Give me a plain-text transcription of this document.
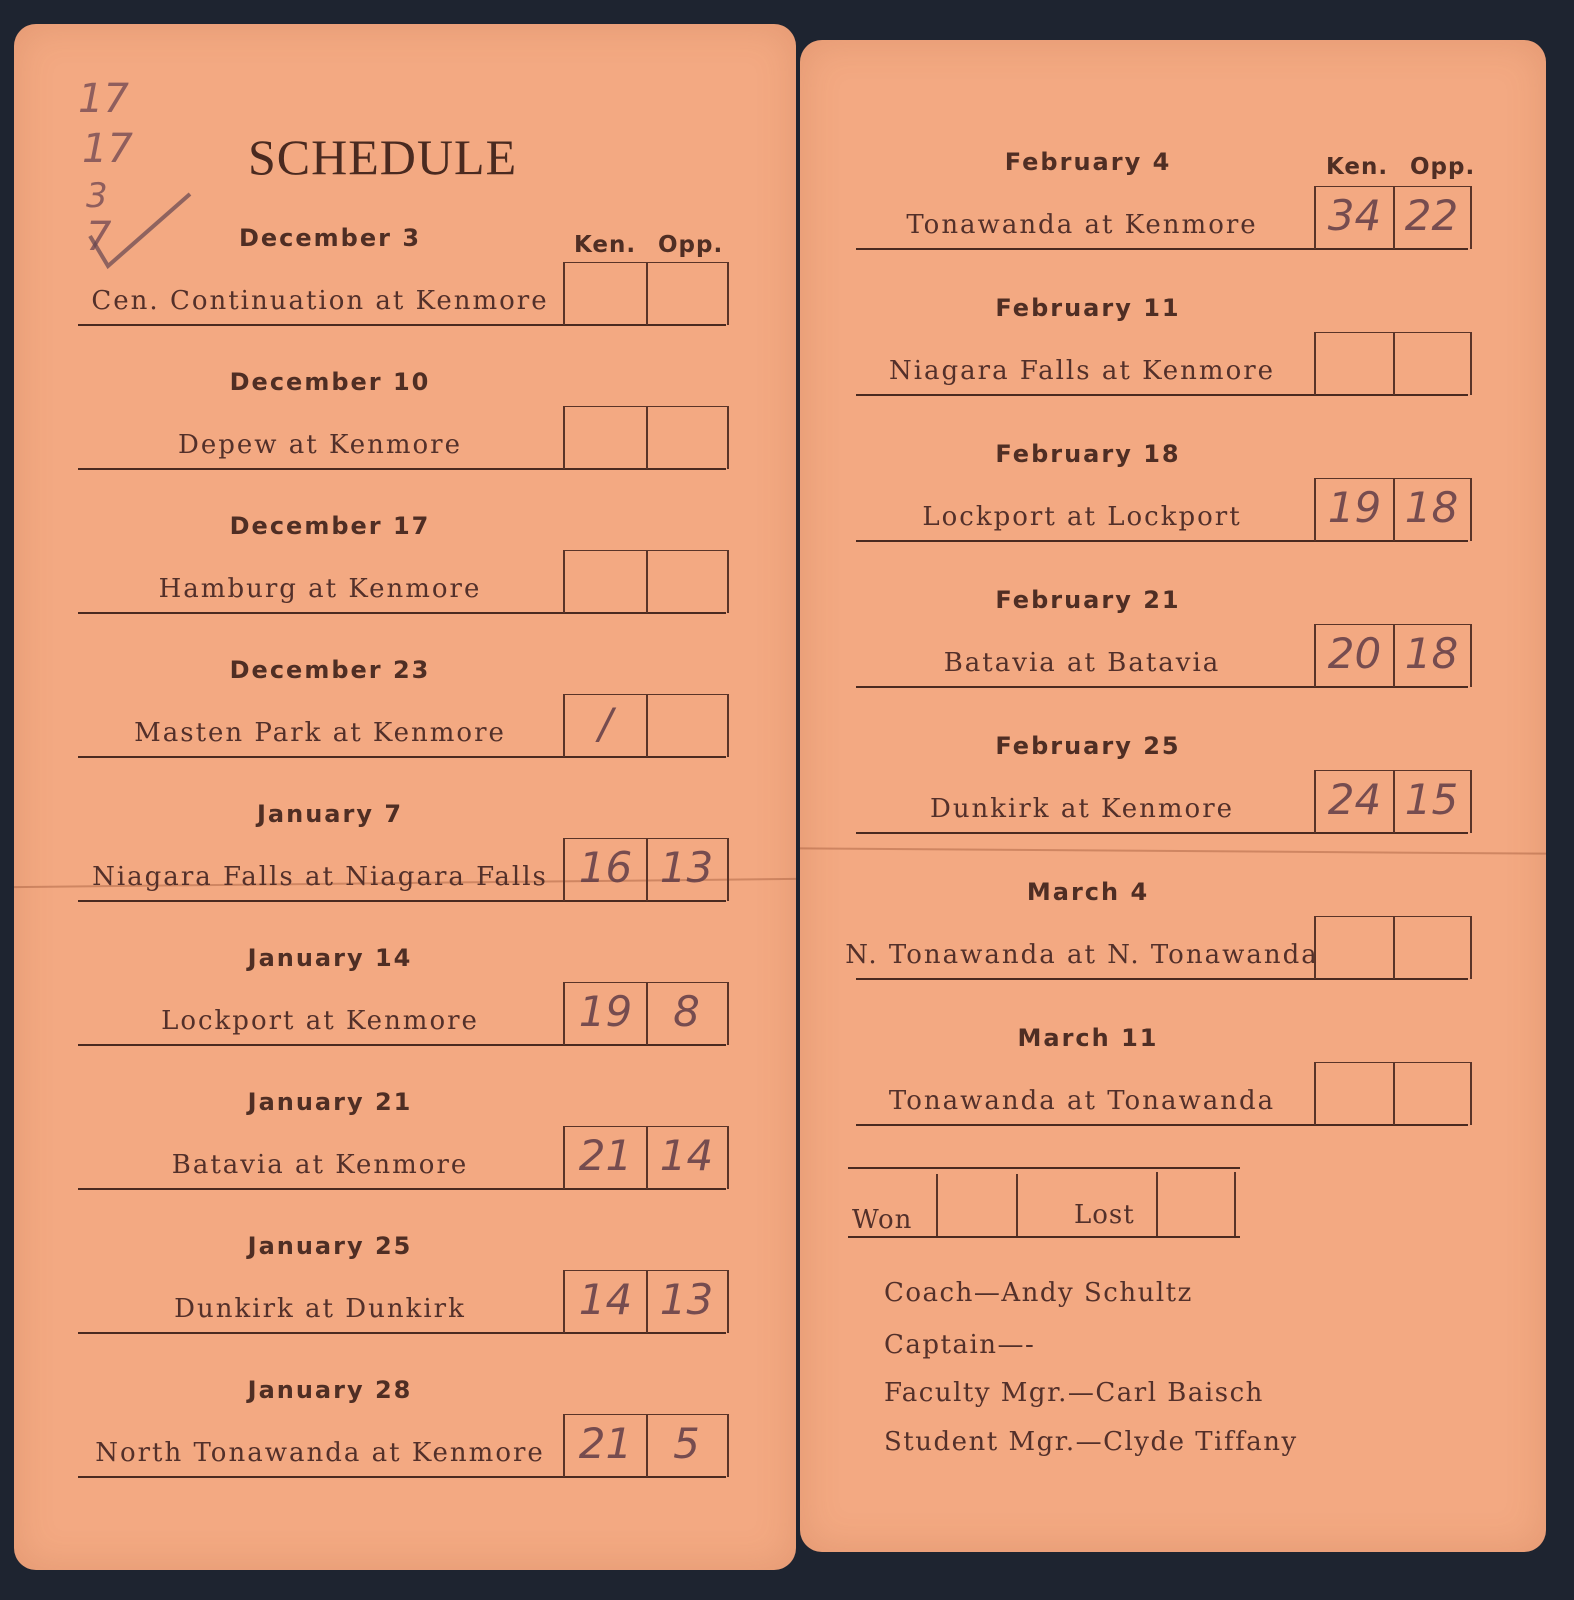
17
17
3
7
SCHEDULE
Ken. Opp.
December 3
Cen. Continuation at Kenmore
December 10
Depew at Kenmore
December 17
Hamburg at Kenmore
December 23
Masten Park at Kenmore	/
January 7
Niagara Falls at Niagara Falls 16 13
January 14
Lockport at Kenmore	19 8
January 21
Batavia at Kenmore	21 14
January 25
Dunkirk at Dunkirk	14 13
January 28
North Tonawanda at Kenmore 21 5
Ken. Opp.
February 4
Tonawanda at Kenmore 34 22
February 11
Niagara Falls at Kenmore
February 18
Lockport at Lockport 19 18
February 21
Batavia at Batavia	20 18
February 25
Dunkirk at Kenmore 24 15
March 4
N. Tonawanda at N. Tonawanda
March 11
Tonawanda at Tonawanda
Won	Lost
Coach—Andy Schultz
Captain—-
Faculty Mgr.—Carl Baisch
Student Mgr.—Clyde Tiffany
